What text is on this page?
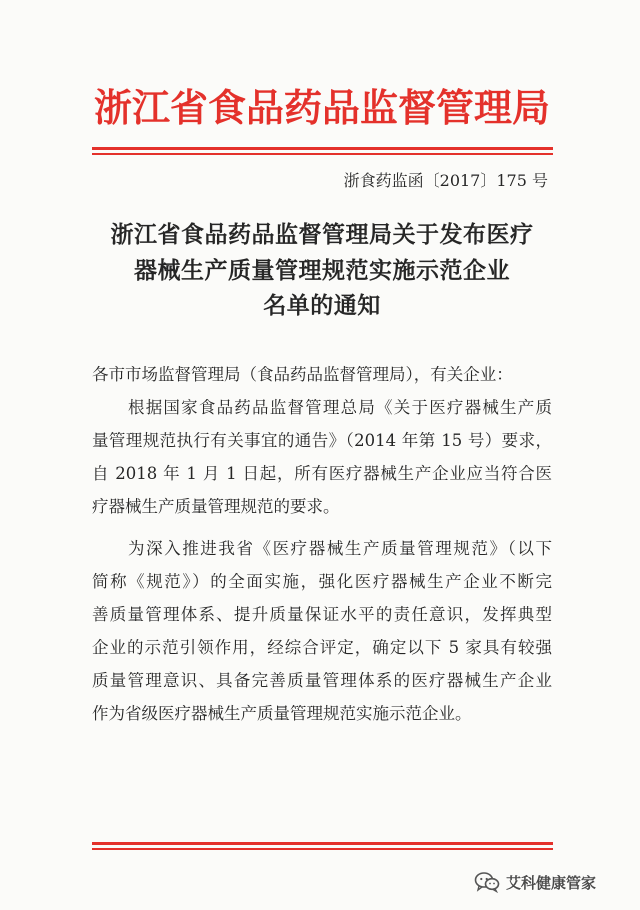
浙江省食品药品监督管理局
浙食药监函〔2017〕175 号
浙江省食品药品监督管理局关于发布医疗
器械生产质量管理规范实施示范企业
名单的通知
各市市场监督管理局（食品药品监督管理局），有关企业：
根据国家食品药品监督管理总局《关于医疗器械生产质
量管理规范执行有关事宜的通告》（2014 年第 15 号）要求，
自 2018 年 1 月 1 日起，所有医疗器械生产企业应当符合医
疗器械生产质量管理规范的要求。
为深入推进我省《医疗器械生产质量管理规范》（以下
简称《规范》）的全面实施，强化医疗器械生产企业不断完
善质量管理体系、提升质量保证水平的责任意识，发挥典型
企业的示范引领作用，经综合评定，确定以下 5 家具有较强
质量管理意识、具备完善质量管理体系的医疗器械生产企业
作为省级医疗器械生产质量管理规范实施示范企业。
艾科健康管家
